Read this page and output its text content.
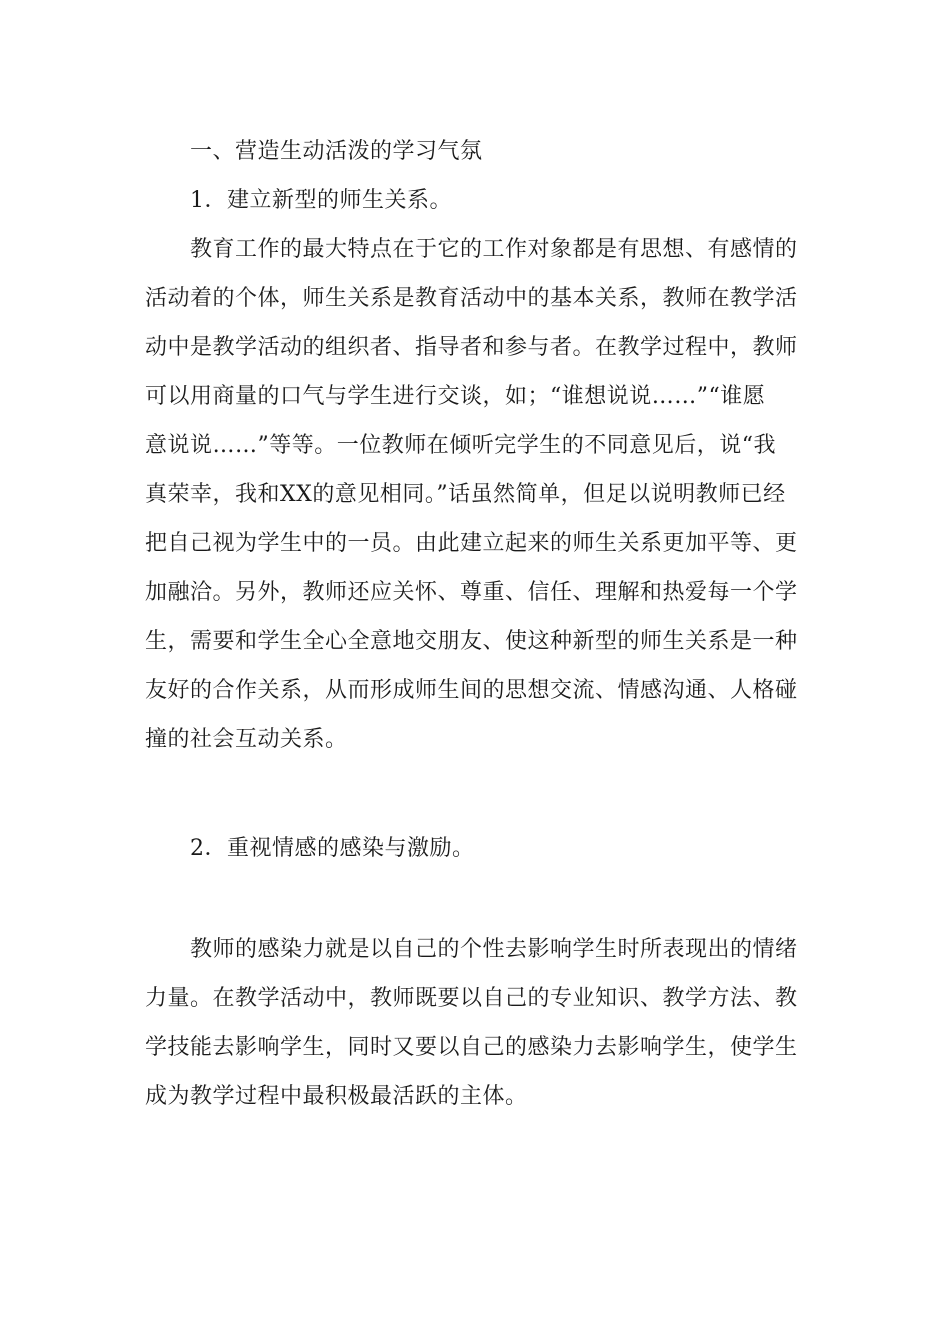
一、营造生动活泼的学习气氛
1．建立新型的师生关系。
教育工作的最大特点在于它的工作对象都是有思想、有感情的
活动着的个体，师生关系是教育活动中的基本关系，教师在教学活
动中是教学活动的组织者、指导者和参与者。在教学过程中，教师
可以用商量的口气与学生进行交谈，如；“谁想说说……”“谁愿
意说说……”等等。一位教师在倾听完学生的不同意见后，说“我
真荣幸，我和XX的意见相同。”话虽然简单，但足以说明教师已经
把自己视为学生中的一员。由此建立起来的师生关系更加平等、更
加融洽。另外，教师还应关怀、尊重、信任、理解和热爱每一个学
生，需要和学生全心全意地交朋友、使这种新型的师生关系是一种
友好的合作关系，从而形成师生间的思想交流、情感沟通、人格碰
撞的社会互动关系。
2．重视情感的感染与激励。
教师的感染力就是以自己的个性去影响学生时所表现出的情绪
力量。在教学活动中，教师既要以自己的专业知识、教学方法、教
学技能去影响学生，同时又要以自己的感染力去影响学生，使学生
成为教学过程中最积极最活跃的主体。
